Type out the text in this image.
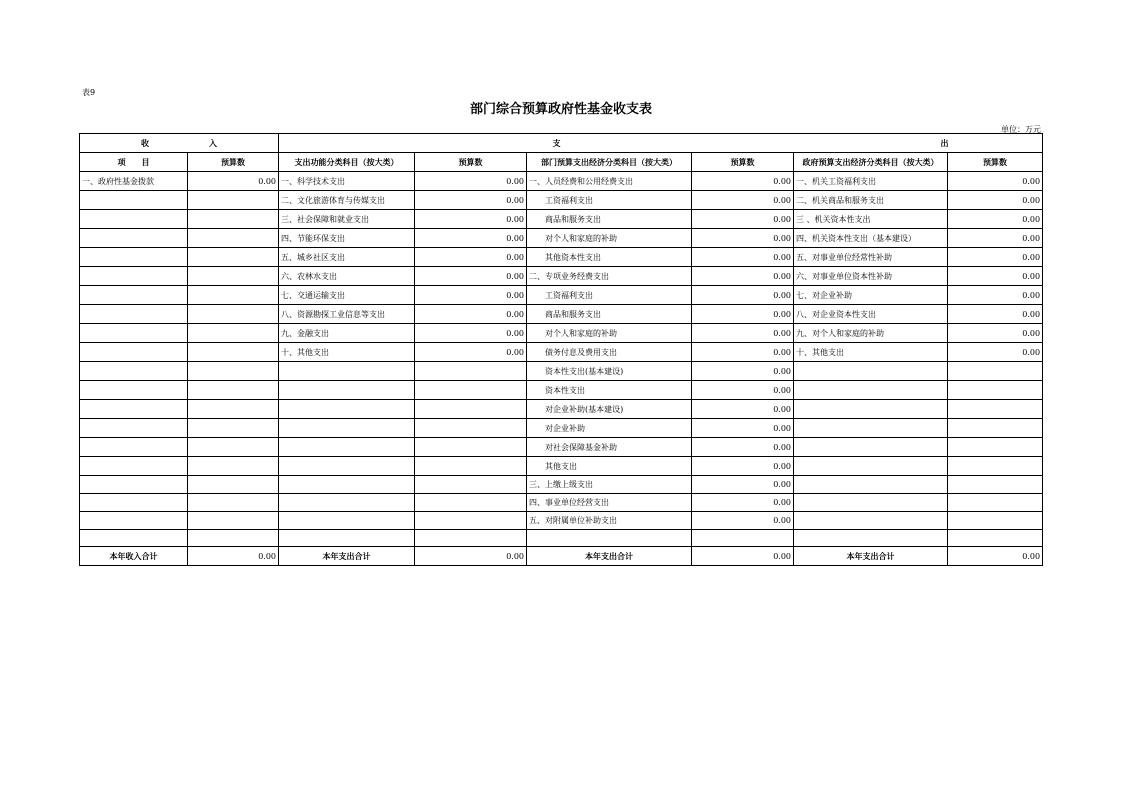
表9
部门综合预算政府性基金收支表
单位：万元
收 入		支 出					

项　　目	预算数	支出功能分类科目（按大类）	预算数	部门预算支出经济分类科目（按大类）	预算数	政府预算支出经济分类科目（按大类）	预算数
一、政府性基金拨款	0.00	一、科学技术支出	0.00	一、人员经费和公用经费支出	0.00	一、机关工资福利支出	0.00
		二、文化旅游体育与传媒支出	0.00	工资福利支出	0.00	二、机关商品和服务支出	0.00
		三、社会保障和就业支出	0.00	商品和服务支出	0.00	三 、机关资本性支出	0.00
		四、节能环保支出	0.00	对个人和家庭的补助	0.00	四、机关资本性支出（基本建设）	0.00
		五、城乡社区支出	0.00	其他资本性支出	0.00	五、对事业单位经常性补助	0.00
		六、农林水支出	0.00	二、专项业务经费支出	0.00	六、对事业单位资本性补助	0.00
		七、交通运输支出	0.00	工资福利支出	0.00	七、对企业补助	0.00
		八、资源勘探工业信息等支出	0.00	商品和服务支出	0.00	八、对企业资本性支出	0.00
		九、金融支出	0.00	对个人和家庭的补助	0.00	九、对个人和家庭的补助	0.00
		十、其他支出	0.00	债务付息及费用支出	0.00	十、其他支出	0.00
				资本性支出(基本建设)	0.00		
				资本性支出	0.00		
				对企业补助(基本建设)	0.00		
				对企业补助	0.00		
				对社会保障基金补助	0.00		
				其他支出	0.00		
				三、上缴上级支出	0.00		
				四、事业单位经营支出	0.00		
				五、对附属单位补助支出	0.00		

本年收入合计	0.00	本年支出合计	0.00	本年支出合计	0.00	本年支出合计	0.00
